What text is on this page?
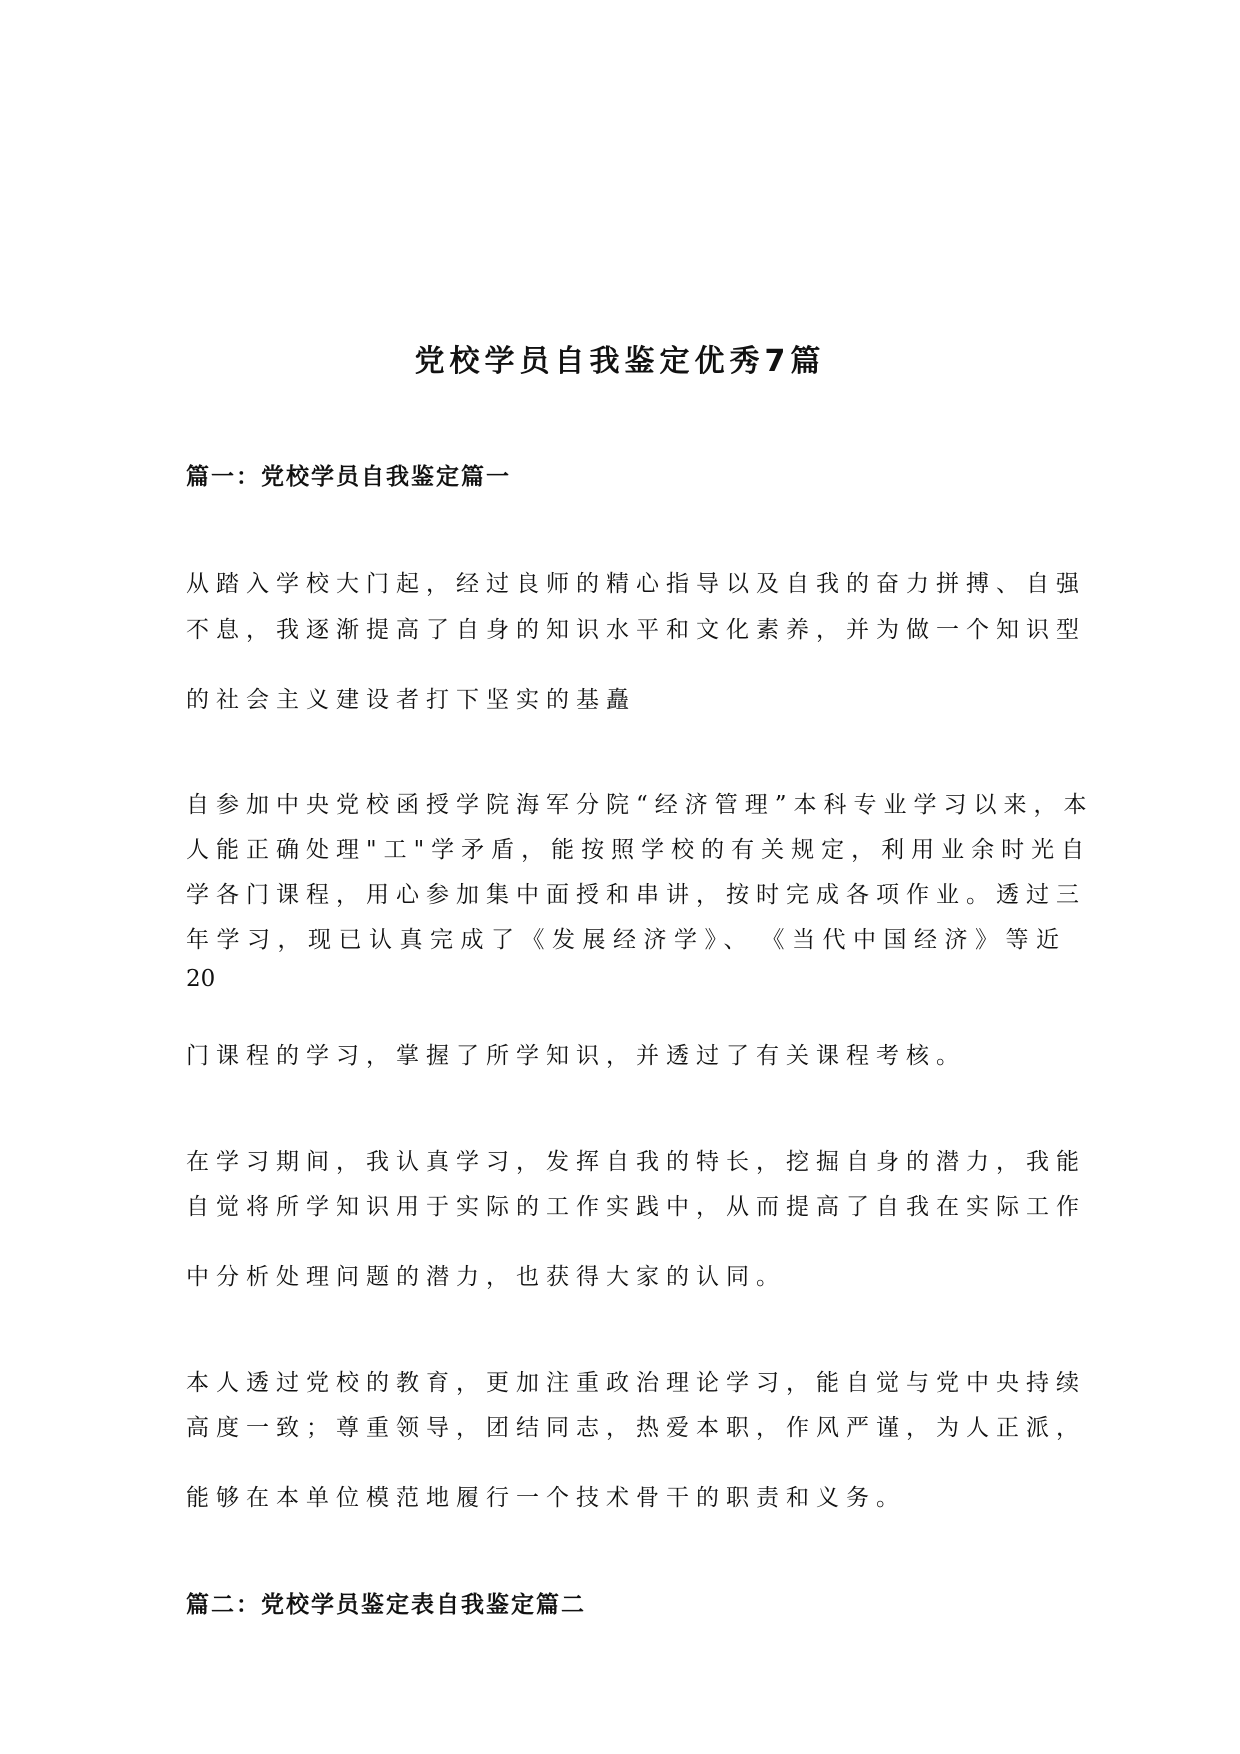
党校学员自我鉴定优秀7篇
篇一：党校学员自我鉴定篇一

从踏入学校大门起，经过良师的精心指导以及自我的奋力拼搏、自强

不息，我逐渐提高了自身的知识水平和文化素养，并为做一个知识型

的社会主义建设者打下坚实的基矗

自参加中央党校函授学院海军分院“经济管理”本科专业学习以来，本

人能正确处理"工"学矛盾，能按照学校的有关规定，利用业余时光自

学各门课程，用心参加集中面授和串讲，按时完成各项作业。透过三

年学习，现已认真完成了《发展经济学》、　《当代中国经济》等近

20

门课程的学习，掌握了所学知识，并透过了有关课程考核。

在学习期间，我认真学习，发挥自我的特长，挖掘自身的潜力，我能

自觉将所学知识用于实际的工作实践中，从而提高了自我在实际工作

中分析处理问题的潜力，也获得大家的认同。

本人透过党校的教育，更加注重政治理论学习，能自觉与党中央持续

高度一致；尊重领导，团结同志，热爱本职，作风严谨，为人正派，

能够在本单位模范地履行一个技术骨干的职责和义务。

篇二：党校学员鉴定表自我鉴定篇二
